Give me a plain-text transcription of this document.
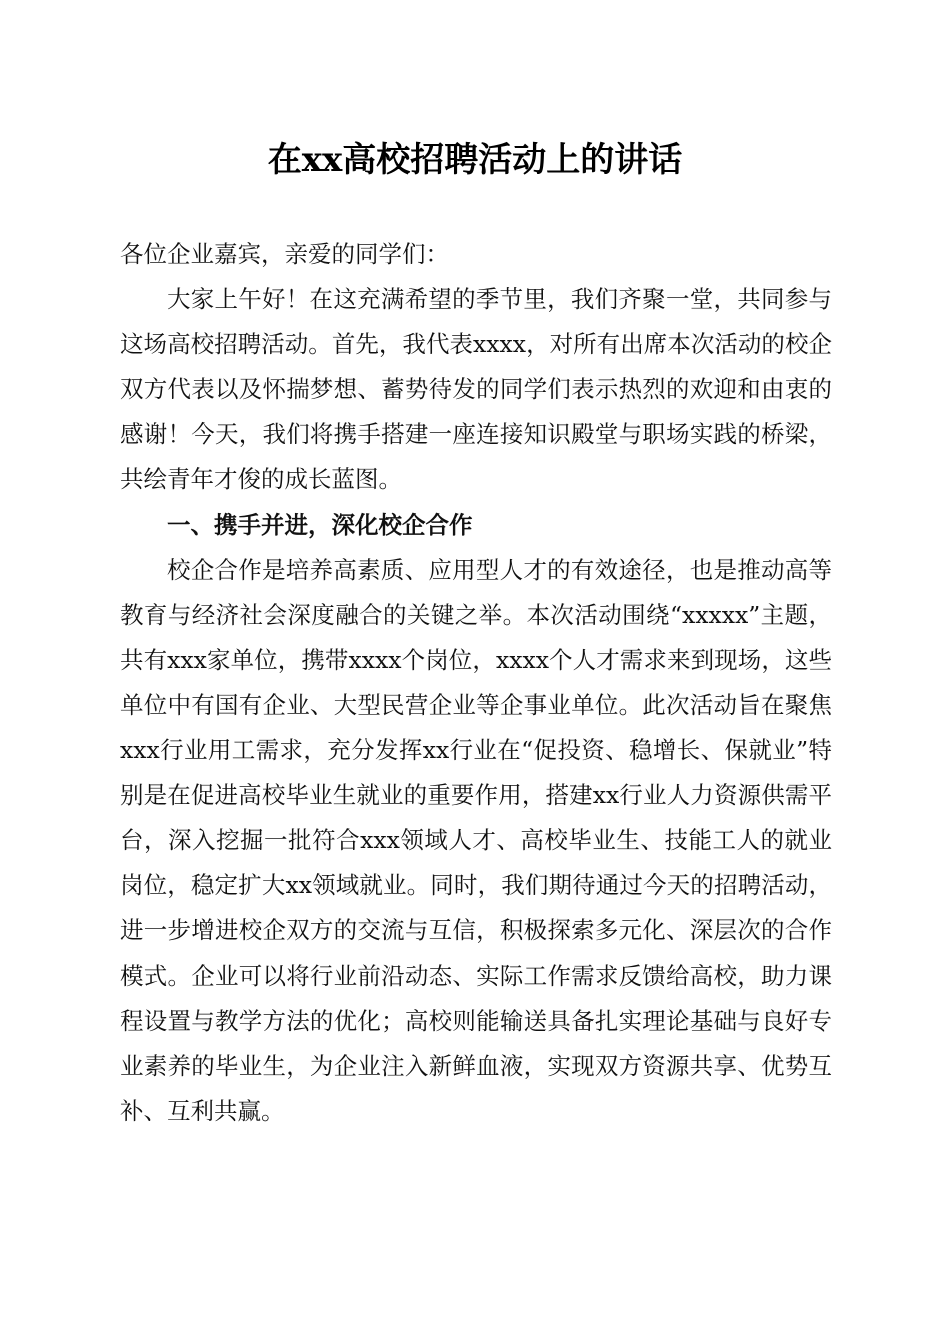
在xx高校招聘活动上的讲话

各位企业嘉宾，亲爱的同学们：

大家上午好！在这充满希望的季节里，我们齐聚一堂，共同参与这场高校招聘活动。首先，我代表xxxx，对所有出席本次活动的校企双方代表以及怀揣梦想、蓄势待发的同学们表示热烈的欢迎和由衷的感谢！今天，我们将携手搭建一座连接知识殿堂与职场实践的桥梁，共绘青年才俊的成长蓝图。

一、携手并进，深化校企合作

校企合作是培养高素质、应用型人才的有效途径，也是推动高等教育与经济社会深度融合的关键之举。本次活动围绕“xxxxx”主题，共有xxx家单位，携带xxxx个岗位，xxxx个人才需求来到现场，这些单位中有国有企业、大型民营企业等企事业单位。此次活动旨在聚焦xxx行业用工需求，充分发挥xx行业在“促投资、稳增长、保就业”特别是在促进高校毕业生就业的重要作用，搭建xx行业人力资源供需平台，深入挖掘一批符合xxx领域人才、高校毕业生、技能工人的就业岗位，稳定扩大xx领域就业。同时，我们期待通过今天的招聘活动，进一步增进校企双方的交流与互信，积极探索多元化、深层次的合作模式。企业可以将行业前沿动态、实际工作需求反馈给高校，助力课程设置与教学方法的优化；高校则能输送具备扎实理论基础与良好专业素养的毕业生，为企业注入新鲜血液，实现双方资源共享、优势互补、互利共赢。
